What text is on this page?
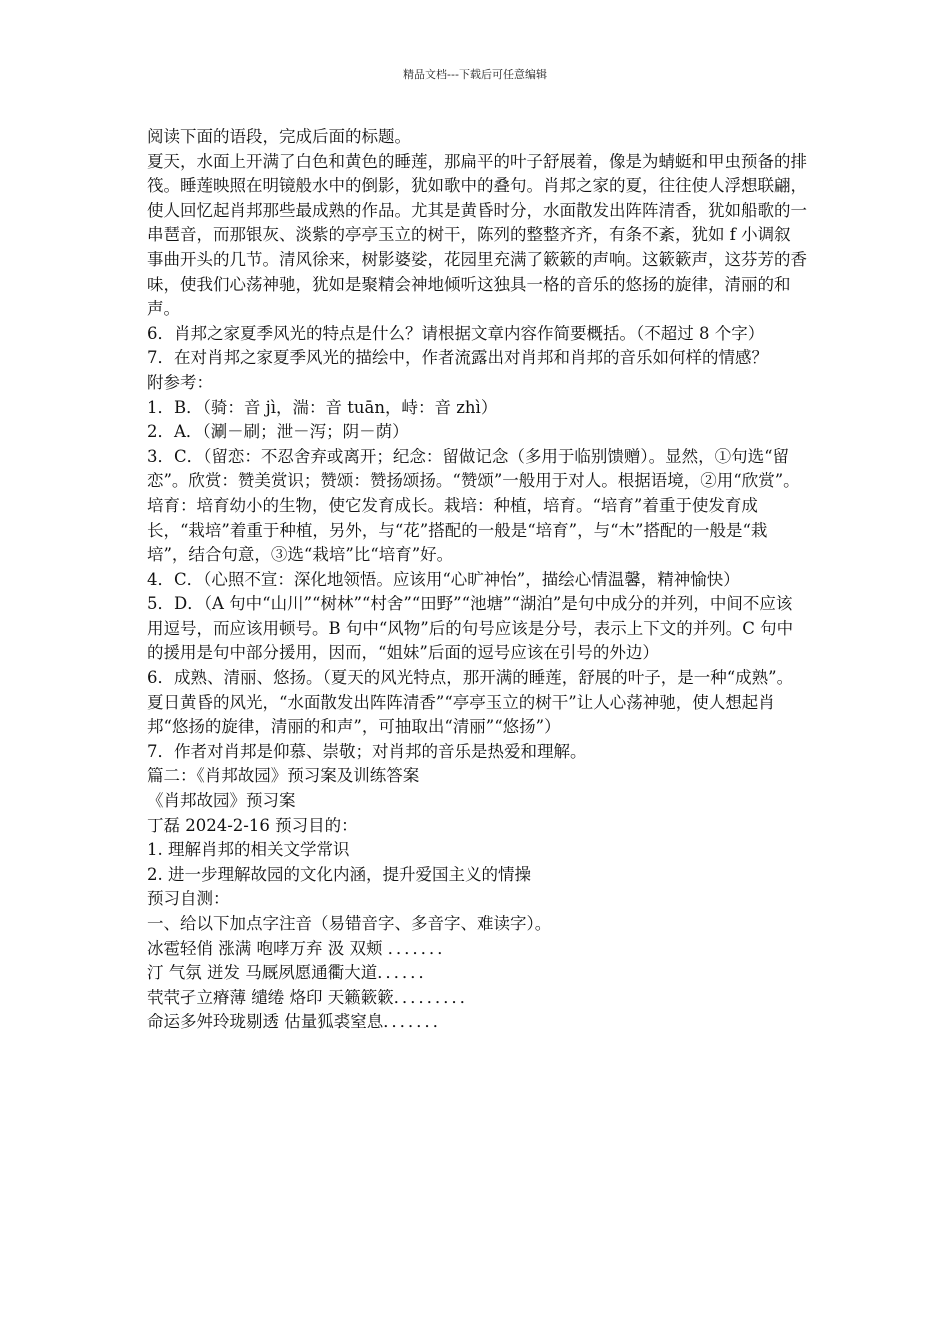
精品文档---下载后可任意编辑

阅读下面的语段，完成后面的标题。

夏天，水面上开满了白色和黄色的睡莲，那扁平的叶子舒展着，像是为蜻蜓和甲虫预备的排筏。睡莲映照在明镜般水中的倒影，犹如歌中的叠句。肖邦之家的夏，往往使人浮想联翩，使人回忆起肖邦那些最成熟的作品。尤其是黄昏时分，水面散发出阵阵清香，犹如船歌的一串琶音，而那银灰、淡紫的亭亭玉立的树干，陈列的整整齐齐，有条不紊，犹如 f 小调叙事曲开头的几节。清风徐来，树影婆娑，花园里充满了簌簌的声响。这簌簌声，这芬芳的香味，使我们心荡神驰，犹如是聚精会神地倾听这独具一格的音乐的悠扬的旋律，清丽的和声。

6．肖邦之家夏季风光的特点是什么？请根据文章内容作简要概括。（不超过 8 个字）

7．在对肖邦之家夏季风光的描绘中，作者流露出对肖邦和肖邦的音乐如何样的情感？

附参考：

1．B．（骑：音 jì，湍：音 tuān，峙：音 zhì）

2．A．（涮－刷；泄－泻；阴－荫）

3．C．（留恋：不忍舍弃或离开；纪念：留做记念（多用于临别馈赠）。显然，①句选“留恋”。欣赏：赞美赏识；赞颂：赞扬颂扬。“赞颂”一般用于对人。根据语境，②用“欣赏”。

培育：培育幼小的生物，使它发育成长。栽培：种植，培育。“培育”着重于使发育成长，“栽培”着重于种植，另外，与“花”搭配的一般是“培育”，与“木”搭配的一般是“栽培”，结合句意，③选“栽培”比“培育”好。

4．C．（心照不宣：深化地领悟。应该用“心旷神怡”，描绘心情温馨，精神愉快）

5．D．（A 句中“山川”“树林”“村舍”“田野”“池塘”“湖泊”是句中成分的并列，中间不应该用逗号，而应该用顿号。B 句中“风物”后的句号应该是分号，表示上下文的并列。C 句中的援用是句中部分援用，因而，“姐妹”后面的逗号应该在引号的外边）

6．成熟、清丽、悠扬。（夏天的风光特点，那开满的睡莲，舒展的叶子，是一种“成熟”。夏日黄昏的风光，“水面散发出阵阵清香”“亭亭玉立的树干”让人心荡神驰，使人想起肖邦“悠扬的旋律，清丽的和声”，可抽取出“清丽”“悠扬”）

7．作者对肖邦是仰慕、崇敬；对肖邦的音乐是热爱和理解。

篇二：《肖邦故园》预习案及训练答案

《肖邦故园》预习案

丁磊 2024-2-16 预习目的：

1. 理解肖邦的相关文学常识

2. 进一步理解故园的文化内涵，提升爱国主义的情操

预习自测：

一、给以下加点字注音（易错音字、多音字、难读字）。

冰雹轻俏 涨满 咆哮万弃 汲 双颊 ．．．．．．．

汀 气氛 迸发 马厩夙愿通衢大道．．．．．．

茕茕孑立瘠薄 缱绻 烙印 天籁簌簌．．．．．．．．．

命运多舛玲珑剔透 估量狐裘窒息．．．．．．．
